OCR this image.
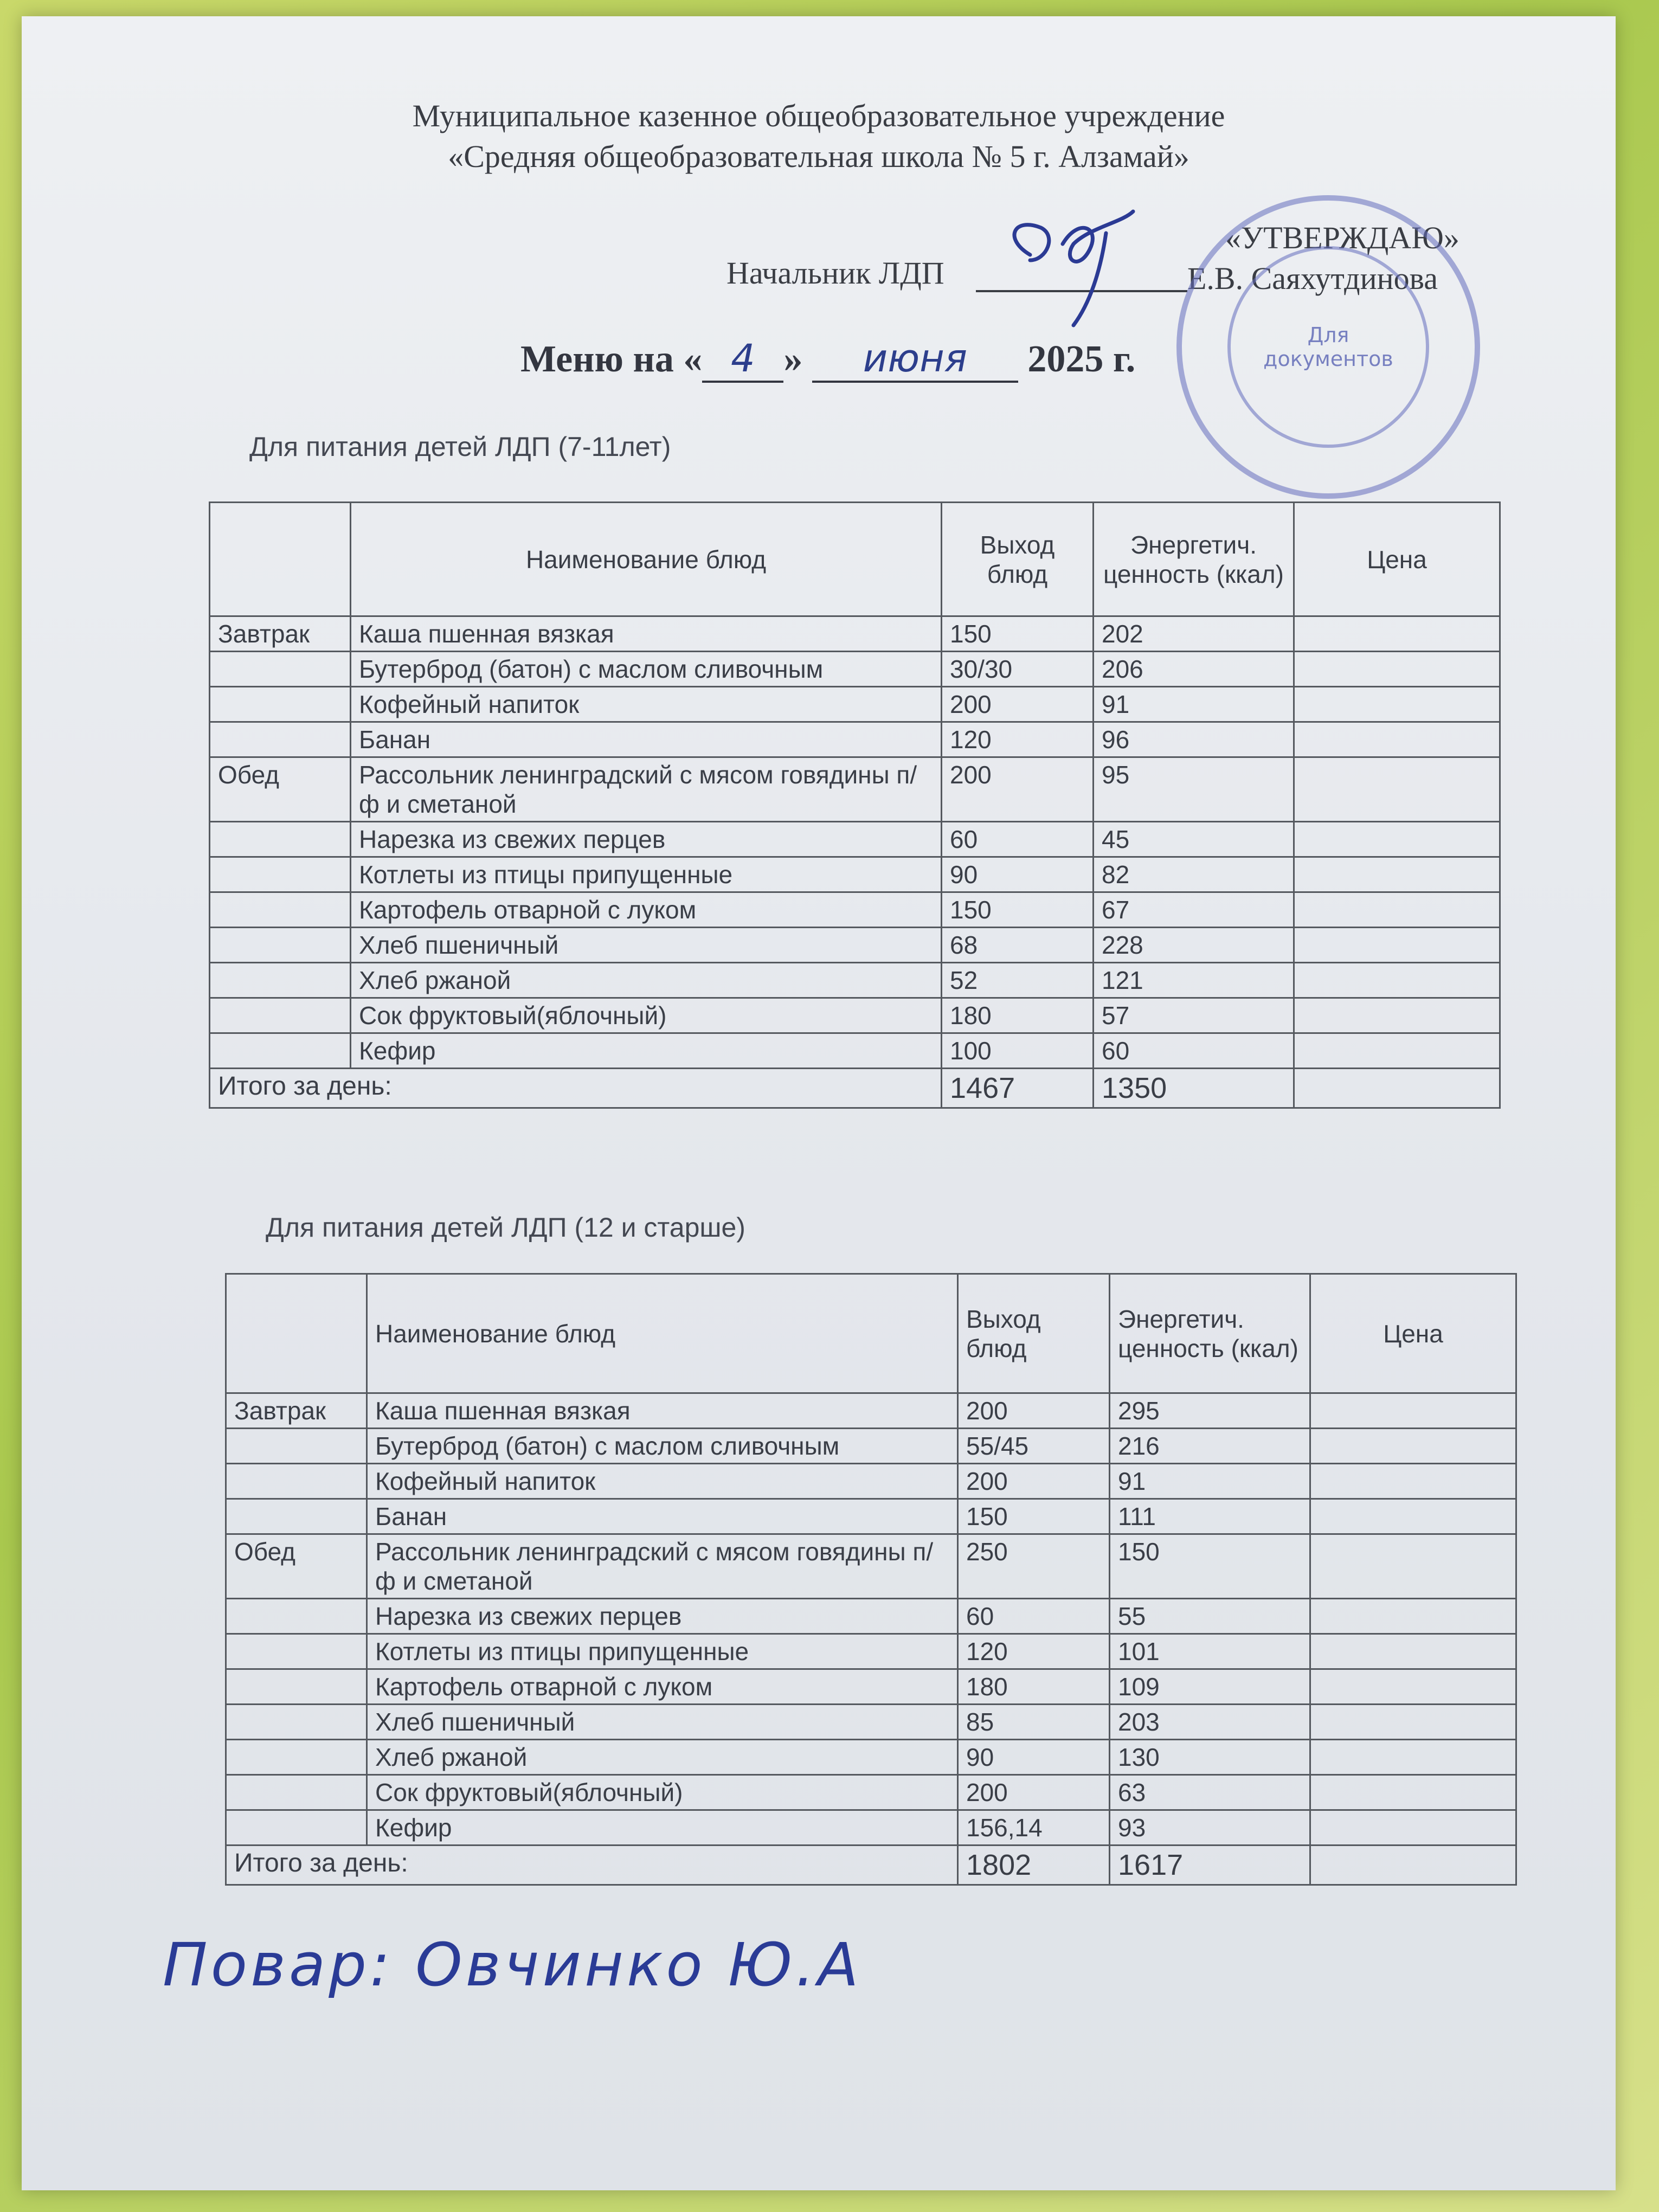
Муниципальное казенное общеобразовательное учреждение
«Средняя общеобразовательная школа № 5 г. Алзамай»
«УТВЕРЖДАЮ»
Начальник ЛДП	Е.В. Саяхутдинова
Для документов
Меню на « 4 » июня 2025 г.
Для питания детей ЛДП (7-11лет)
	Наименование блюд	Выход блюд	Энергетич. ценность (ккал)	Цена
Завтрак	Каша пшенная вязкая	150	202	
	Бутерброд (батон) с маслом сливочным	30/30	206	
	Кофейный напиток	200	91	
	Банан	120	96	
Обед	Рассольник ленинградский с мясом говядины п/ф и сметаной	200	95	
	Нарезка из свежих перцев	60	45	
	Котлеты из птицы припущенные	90	82	
	Картофель отварной с луком	150	67	
	Хлеб пшеничный	68	228	
	Хлеб ржаной	52	121	
	Сок фруктовый(яблочный)	180	57	
	Кефир	100	60	
Итого за день:		1467	1350	
Для питания детей ЛДП (12 и старше)
	Наименование блюд	Выход блюд	Энергетич. ценность (ккал)	Цена
Завтрак	Каша пшенная вязкая	200	295	
	Бутерброд (батон) с маслом сливочным	55/45	216	
	Кофейный напиток	200	91	
	Банан	150	111	
Обед	Рассольник ленинградский с мясом говядины п/ф и сметаной	250	150	
	Нарезка из свежих перцев	60	55	
	Котлеты из птицы припущенные	120	101	
	Картофель отварной с луком	180	109	
	Хлеб пшеничный	85	203	
	Хлеб ржаной	90	130	
	Сок фруктовый(яблочный)	200	63	
	Кефир	156,14	93	
Итого за день:		1802	1617	
Повар: Овчинко Ю.А
